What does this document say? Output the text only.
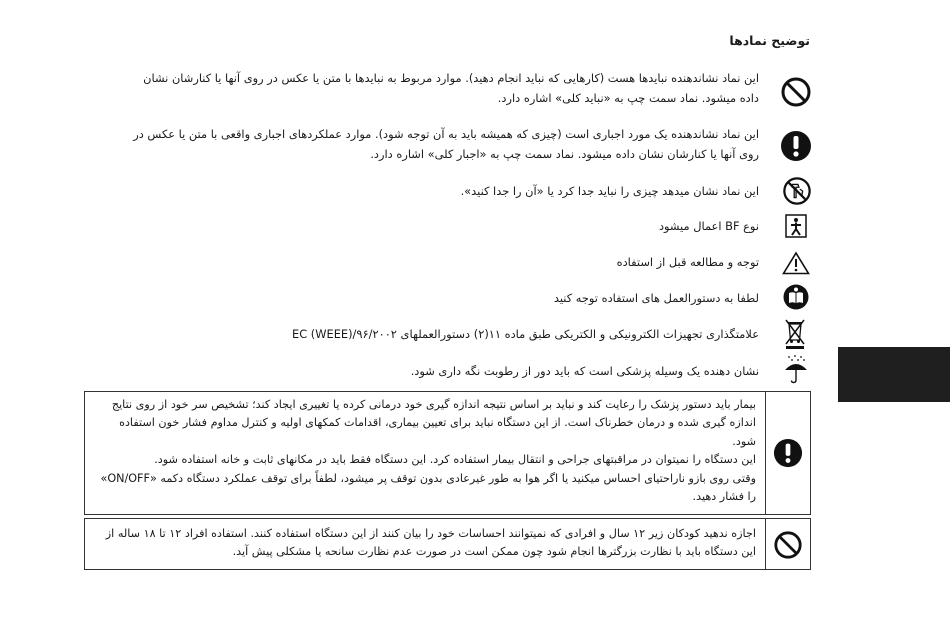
توضیح نمادها
این نماد نشاندهنده نبایدها هست (کارهایی که نباید انجام دهید). موارد مربوط به نبایدها با متن یا عکس در روی آنها یا کنارشان نشان داده میشود. نماد سمت چپ به «نباید کلی» اشاره دارد.
این نماد نشاندهنده یک مورد اجباری است (چیزی که همیشه باید به آن توجه شود). موارد عملکردهای اجباری واقعی با متن یا عکس در روی آنها یا کنارشان نشان داده میشود. نماد سمت چپ به «اجبار کلی» اشاره دارد.
این نماد نشان میدهد چیزی را نباید جدا کرد یا «آن را جدا کنید».
نوع BF اعمال میشود
توجه و مطالعه قبل از استفاده
لطفا به دستورالعمل های استفاده توجه کنید
علامتگذاری تجهیزات الکترونیکی و الکتریکی طبق ماده ۱۱(۲) دستورالعملهای EC (WEEE)/۹۶/۲۰۰۲
نشان دهنده یک وسیله پزشکی است که باید دور از رطوبت نگه داری شود.

بیمار باید دستور پزشک را رعایت کند و نباید بر اساس نتیجه اندازه گیری خود درمانی کرده یا تغییری ایجاد کند؛ تشخیص سر خود از روی نتایج اندازه گیری شده و درمان خطرناک است. از این دستگاه نباید برای تعیین بیماری، اقدامات کمکهای اولیه و کنترل مداوم فشار خون استفاده شود.

این دستگاه را نمیتوان در مراقبتهای جراحی و انتقال بیمار استفاده کرد. این دستگاه فقط باید در مکانهای ثابت و خانه استفاده شود.

وقتی روی بازو ناراحتیای احساس میکنید یا اگر هوا به طور غیرعادی بدون توقف پر میشود، لطفاً برای توقف عملکرد دستگاه دکمه «ON/OFF» را فشار دهید.

اجازه ندهید کودکان زیر ۱۲ سال و افرادی که نمیتوانند احساسات خود را بیان کنند از این دستگاه استفاده کنند. استفاده افراد ۱۲ تا ۱۸ ساله از این دستگاه باید با نظارت بزرگترها انجام شود چون ممکن است در صورت عدم نظارت سانحه یا مشکلی پیش آید.
